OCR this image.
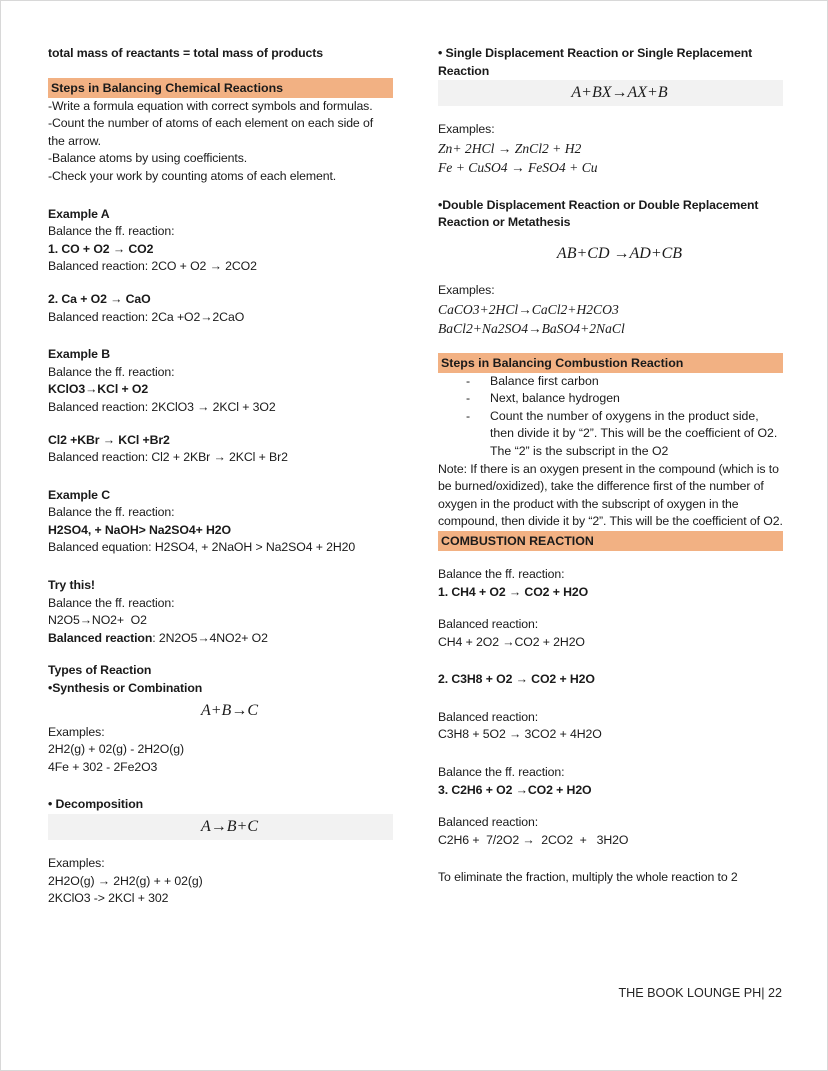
total mass of reactants = total mass of products
Steps in Balancing Chemical Reactions
-Write a formula equation with correct symbols and formulas.
-Count the number of atoms of each element on each side of the arrow.
-Balance atoms by using coefficients.
-Check your work by counting atoms of each element.
Example A
Balance the ff. reaction:
1. CO + O2 → CO2
Balanced reaction: 2CO + O2 → 2CO2
2. Ca + O2 → CaO
Balanced reaction: 2Ca +O2→2CaO
Example B
Balance the ff. reaction:
KClO3→KCl + O2
Balanced reaction: 2KClO3 → 2KCl + 3O2
Cl2 +KBr → KCl +Br2
Balanced reaction: Cl2 + 2KBr → 2KCl + Br2
Example C
Balance the ff. reaction:
H2SO4, + NaOH> Na2SO4+ H2O
Balanced equation: H2SO4, + 2NaOH > Na2SO4 + 2H20
Try this!
Balance the ff. reaction:
N2O5→NO2+  O2
Balanced reaction: 2N2O5→4NO2+ O2
Types of Reaction
•Synthesis or Combination
A+B→C
Examples:
2H2(g) + 02(g) - 2H2O(g)
4Fe + 302 - 2Fe2O3
• Decomposition
A→B+C
Examples:
2H2O(g) → 2H2(g) + + 02(g)
2KClO3 -> 2KCl + 302
• Single Displacement Reaction or Single Replacement Reaction
A+BX→AX+B
Examples:
Zn+ 2HCl → ZnCl2 + H2
Fe + CuSO4 → FeSO4 + Cu
•Double Displacement Reaction or Double Replacement Reaction or Metathesis
AB+CD →AD+CB
Examples:
CaCO3+2HCl→CaCl2+H2CO3
BaCl2+Na2SO4→BaSO4+2NaCl
Steps in Balancing Combustion Reaction
- Balance first carbon
- Next, balance hydrogen
- Count the number of oxygens in the product side, then divide it by “2”. This will be the coefficient of O2. The “2” is the subscript in the O2
Note: If there is an oxygen present in the compound (which is to be burned/oxidized), take the difference first of the number of oxygen in the product with the subscript of oxygen in the compound, then divide it by “2”. This will be the coefficient of O2.
COMBUSTION REACTION
Balance the ff. reaction:
1. CH4 + O2 → CO2 + H2O
Balanced reaction:
CH4 + 2O2 →CO2 + 2H2O
2. C3H8 + O2 → CO2 + H2O
Balanced reaction:
C3H8 + 5O2 → 3CO2 + 4H2O
Balance the ff. reaction:
3. C2H6 + O2 →CO2 + H2O
Balanced reaction:
C2H6 +  7/2O2 →  2CO2  +   3H2O
To eliminate the fraction, multiply the whole reaction to 2
THE BOOK LOUNGE PH| 22
